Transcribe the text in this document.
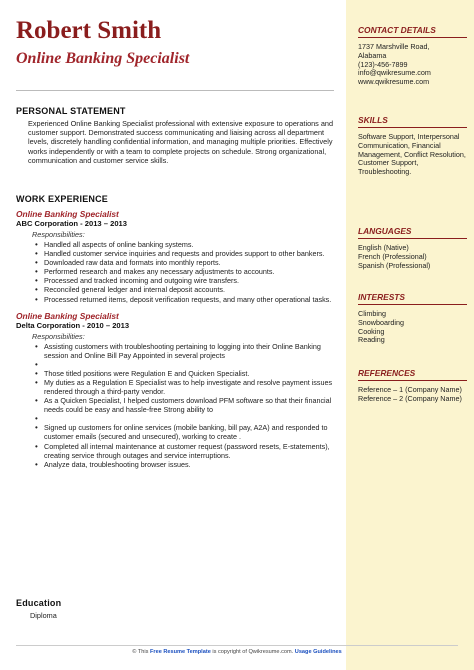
Robert Smith
Online Banking Specialist
PERSONAL STATEMENT
Experienced Online Banking Specialist professional with extensive exposure to operations and customer support. Demonstrated success communicating and liaising across all department levels, discretely handling confidential information, and managing multiple priorities. Effectively works independently or with a team to complete projects on schedule. Strong organizational, communication and customer service skills.
WORK EXPERIENCE
Online Banking Specialist
ABC Corporation - 2013 – 2013
Responsibilities:
• Handled all aspects of online banking systems.
• Handled customer service inquiries and requests and provides support to other bankers.
• Downloaded raw data and formats into monthly reports.
• Performed research and makes any necessary adjustments to accounts.
• Processed and tracked incoming and outgoing wire transfers.
• Reconciled general ledger and internal deposit accounts.
• Processed returned items, deposit verification requests, and many other operational tasks.
Online Banking Specialist
Delta Corporation - 2010 – 2013
Responsibilities:
• Assisting customers with troubleshooting pertaining to logging into their Online Banking session and Online Bill Pay Appointed in several projects
•
• Those titled positions were Regulation E and Quicken Specialist.
• My duties as a Regulation E Specialist was to help investigate and resolve payment issues rendered through a third-party vendor.
• As a Quicken Specialist, I helped customers download PFM software so that their financial needs could be easy and hassle-free Strong ability to
•
• Signed up customers for online services (mobile banking, bill pay, A2A) and responded to customer emails (secured and unsecured), working to create .
• Completed all internal maintenance at customer request (password resets, E-statements), creating service through outages and service interruptions.
• Analyze data, troubleshooting browser issues.
Education
Diploma
CONTACT DETAILS
1737 Marshville Road,
Alabama
(123)-456-7899
info@qwikresume.com
www.qwikresume.com
SKILLS
Software Support, Interpersonal Communication, Financial Management, Conflict Resolution, Customer Support, Troubleshooting.
LANGUAGES
English (Native)
French (Professional)
Spanish (Professional)
INTERESTS
Climbing
Snowboarding
Cooking
Reading
REFERENCES
Reference – 1 (Company Name)
Reference – 2 (Company Name)
© This Free Resume Template is copyright of Qwikresume.com. Usage Guidelines
